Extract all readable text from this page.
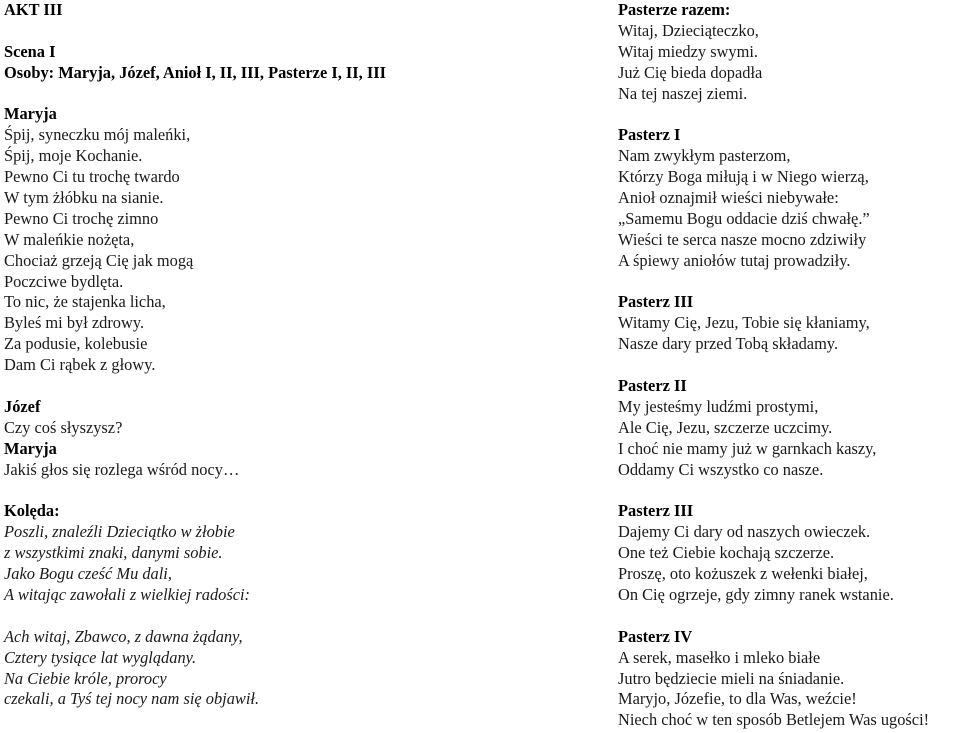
AKT III
Scena I
Osoby: Maryja, Józef, Anioł I, II, III, Pasterze I, II, III
Maryja
Śpij, syneczku mój maleńki,
Śpij, moje Kochanie.
Pewno Ci tu trochę twardo
W tym żłóbku na sianie.
Pewno Ci trochę zimno
W maleńkie nożęta,
Chociaż grzeją Cię jak mogą
Poczciwe bydlęta.
To nic, że stajenka licha,
Byleś mi był zdrowy.
Za podusie, kolebusie
Dam Ci rąbek z głowy.
Józef
Czy coś słyszysz?
Maryja
Jakiś głos się rozlega wśród nocy…
Kolęda:
Poszli, znaleźli Dzieciątko w żłobie
z wszystkimi znaki, danymi sobie.
Jako Bogu cześć Mu dali,
A witając zawołali z wielkiej radości:
Ach witaj, Zbawco, z dawna żądany,
Cztery tysiące lat wyglądany.
Na Ciebie króle, prorocy
czekali, a Tyś tej nocy nam się objawił.
Pasterze razem:
Witaj, Dzieciąteczko,
Witaj miedzy swymi.
Już Cię bieda dopadła
Na tej naszej ziemi.
Pasterz I
Nam zwykłym pasterzom,
Którzy Boga miłują i w Niego wierzą,
Anioł oznajmił wieści niebywałe:
„Samemu Bogu oddacie dziś chwałę.”
Wieści te serca nasze mocno zdziwiły
A śpiewy aniołów tutaj prowadziły.
Pasterz III
Witamy Cię, Jezu, Tobie się kłaniamy,
Nasze dary przed Tobą składamy.
Pasterz II
My jesteśmy ludźmi prostymi,
Ale Cię, Jezu, szczerze uczcimy.
I choć nie mamy już w garnkach kaszy,
Oddamy Ci wszystko co nasze.
Pasterz III
Dajemy Ci dary od naszych owieczek.
One też Ciebie kochają szczerze.
Proszę, oto kożuszek z wełenki białej,
On Cię ogrzeje, gdy zimny ranek wstanie.
Pasterz IV
A serek, masełko i mleko białe
Jutro będziecie mieli na śniadanie.
Maryjo, Józefie, to dla Was, weźcie!
Niech choć w ten sposób Betlejem Was ugości!
